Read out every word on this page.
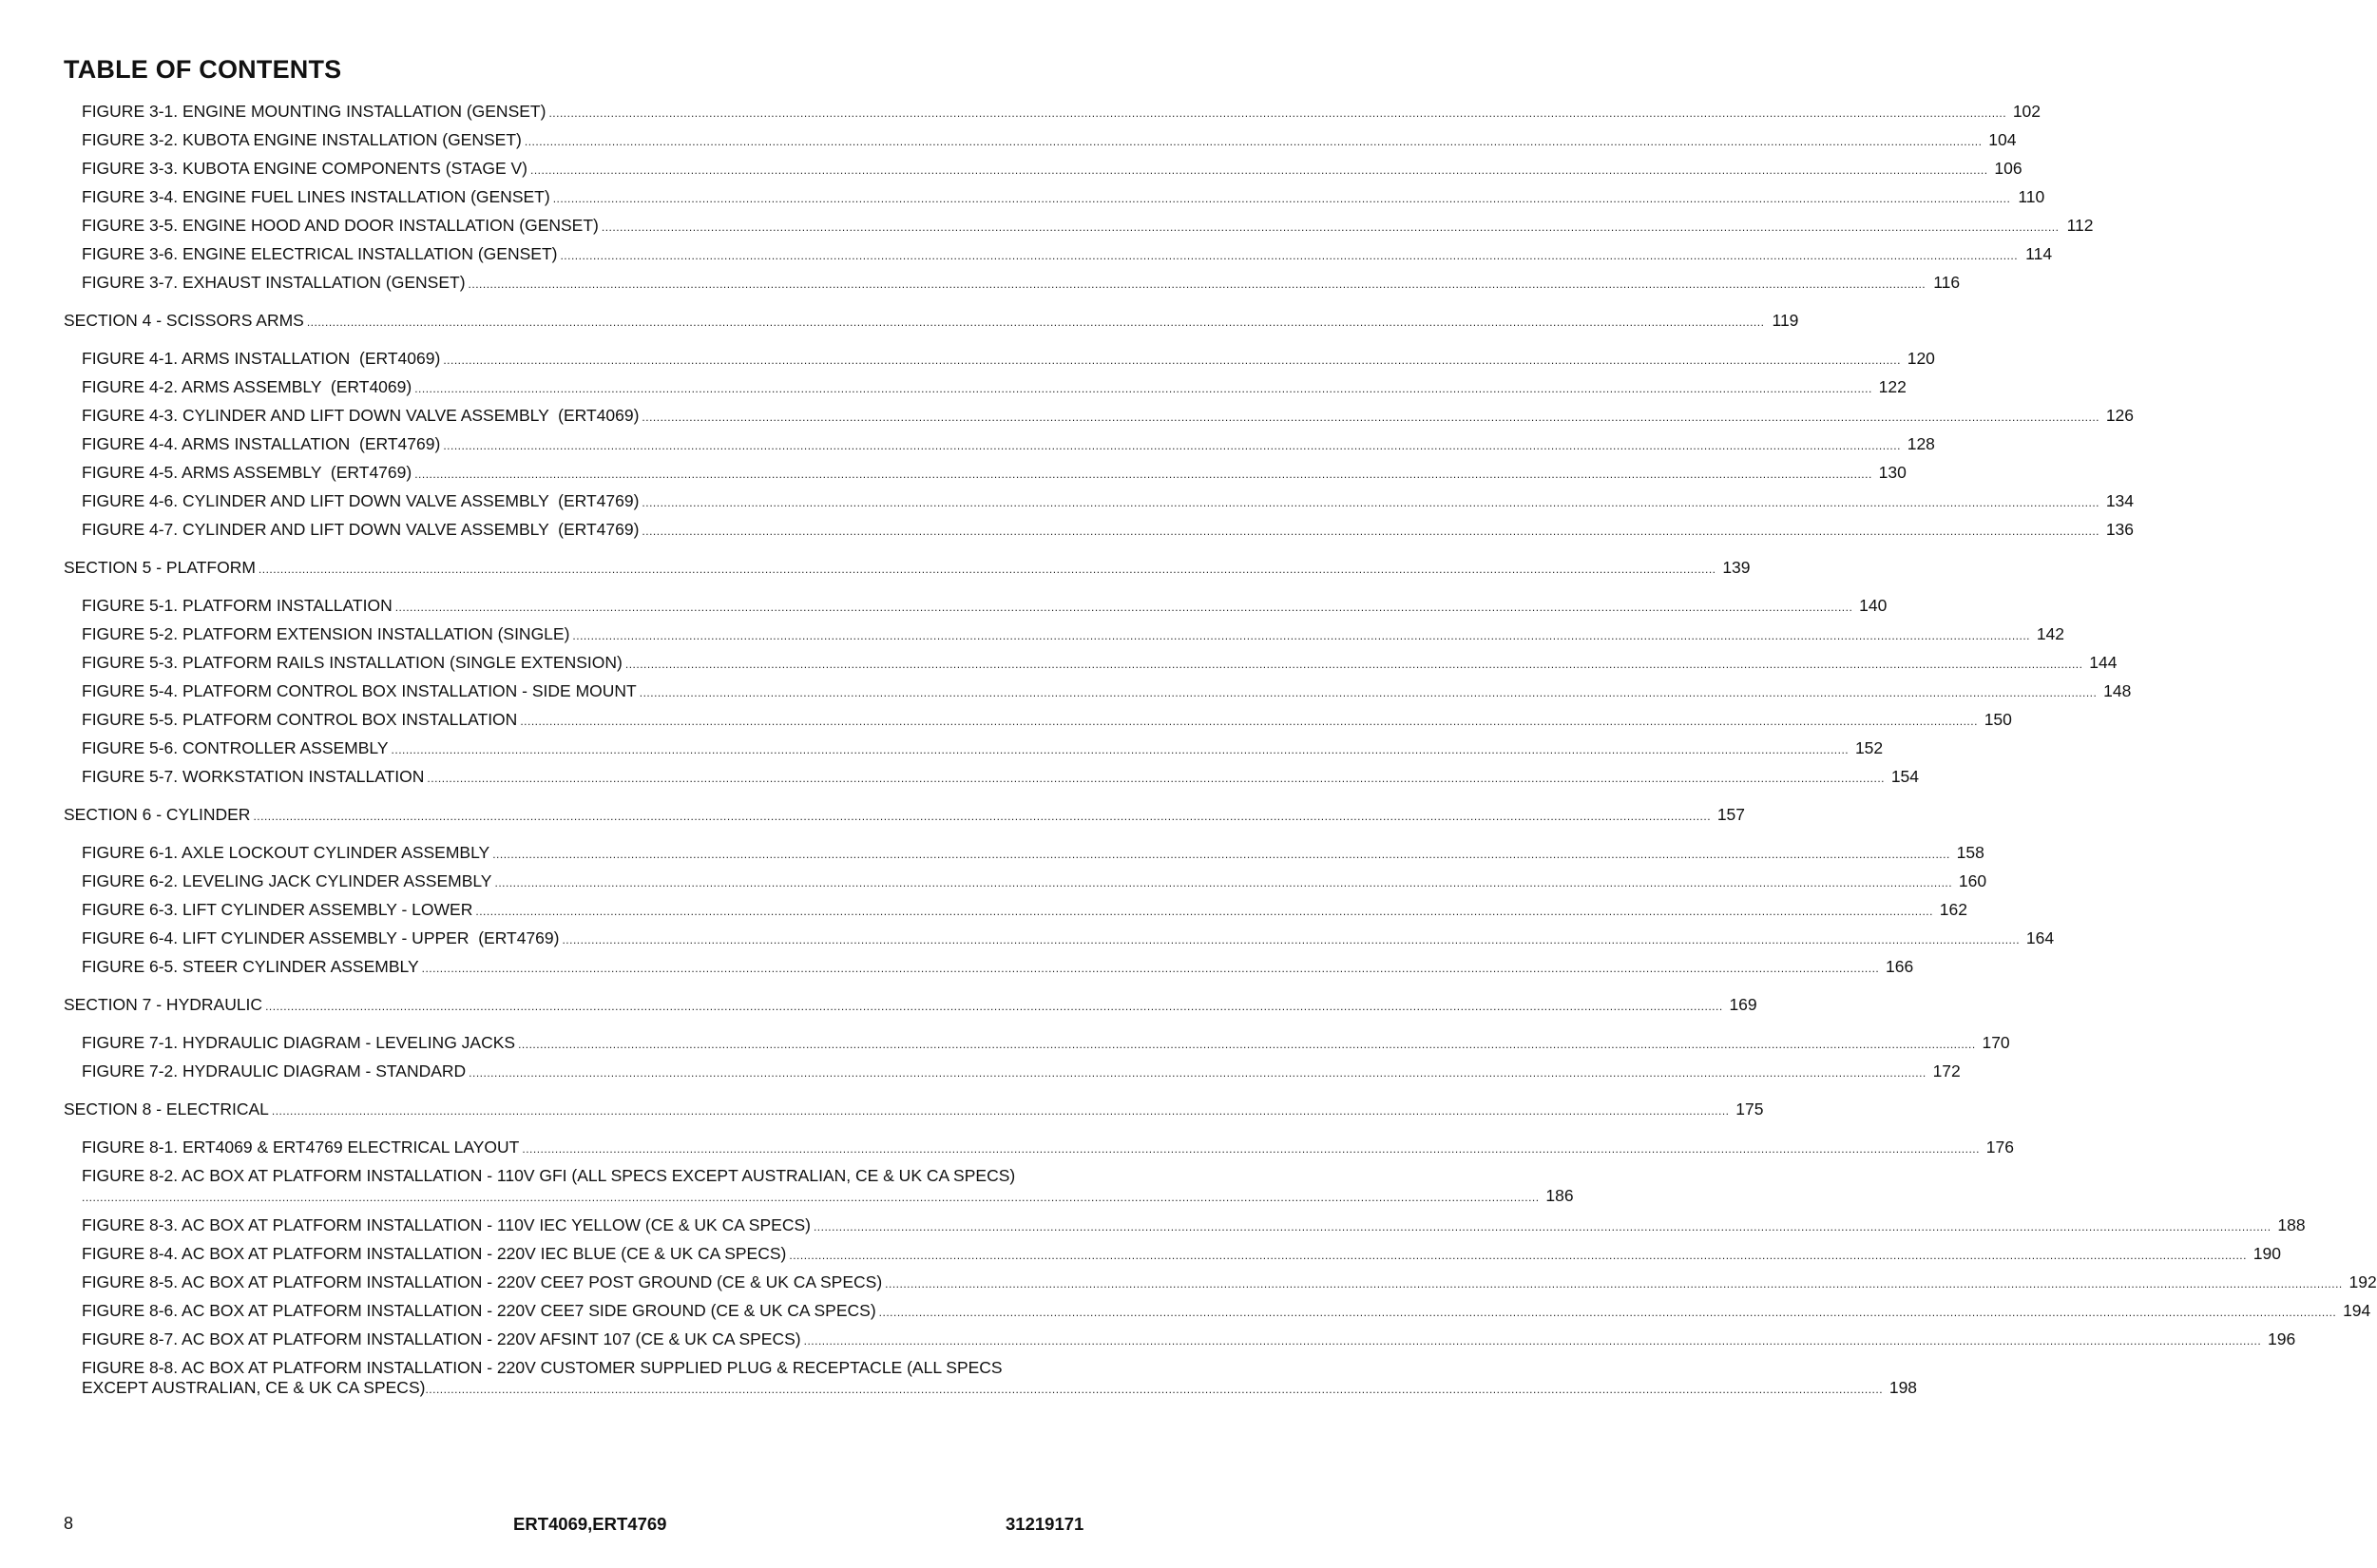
TABLE OF CONTENTS
FIGURE 3-1. ENGINE MOUNTING INSTALLATION (GENSET) ................................................................................................................................................................................................................................................................................................................................................................................................................ 102
FIGURE 3-2. KUBOTA ENGINE INSTALLATION (GENSET) ................................................................................................................................................................................................................................................................................................................................................................................................................ 104
FIGURE 3-3. KUBOTA ENGINE COMPONENTS (STAGE V) ................................................................................................................................................................................................................................................................................................................................................................................................................ 106
FIGURE 3-4. ENGINE FUEL LINES INSTALLATION (GENSET) ................................................................................................................................................................................................................................................................................................................................................................................................................ 110
FIGURE 3-5. ENGINE HOOD AND DOOR INSTALLATION (GENSET) ................................................................................................................................................................................................................................................................................................................................................................................................................ 112
FIGURE 3-6. ENGINE ELECTRICAL INSTALLATION (GENSET) ................................................................................................................................................................................................................................................................................................................................................................................................................ 114
FIGURE 3-7. EXHAUST INSTALLATION (GENSET) ................................................................................................................................................................................................................................................................................................................................................................................................................ 116
SECTION 4 - SCISSORS ARMS ................................................................................................................................................................................................................................................................................................................................................................................................................ 119
FIGURE 4-1. ARMS INSTALLATION  (ERT4069) ................................................................................................................................................................................................................................................................................................................................................................................................................ 120
FIGURE 4-2. ARMS ASSEMBLY  (ERT4069) ................................................................................................................................................................................................................................................................................................................................................................................................................ 122
FIGURE 4-3. CYLINDER AND LIFT DOWN VALVE ASSEMBLY  (ERT4069) ................................................................................................................................................................................................................................................................................................................................................................................................................ 126
FIGURE 4-4. ARMS INSTALLATION  (ERT4769) ................................................................................................................................................................................................................................................................................................................................................................................................................ 128
FIGURE 4-5. ARMS ASSEMBLY  (ERT4769) ................................................................................................................................................................................................................................................................................................................................................................................................................ 130
FIGURE 4-6. CYLINDER AND LIFT DOWN VALVE ASSEMBLY  (ERT4769) ................................................................................................................................................................................................................................................................................................................................................................................................................ 134
FIGURE 4-7. CYLINDER AND LIFT DOWN VALVE ASSEMBLY  (ERT4769) ................................................................................................................................................................................................................................................................................................................................................................................................................ 136
SECTION 5 - PLATFORM ................................................................................................................................................................................................................................................................................................................................................................................................................ 139
FIGURE 5-1. PLATFORM INSTALLATION ................................................................................................................................................................................................................................................................................................................................................................................................................ 140
FIGURE 5-2. PLATFORM EXTENSION INSTALLATION (SINGLE) ................................................................................................................................................................................................................................................................................................................................................................................................................ 142
FIGURE 5-3. PLATFORM RAILS INSTALLATION (SINGLE EXTENSION) ................................................................................................................................................................................................................................................................................................................................................................................................................ 144
FIGURE 5-4. PLATFORM CONTROL BOX INSTALLATION - SIDE MOUNT ................................................................................................................................................................................................................................................................................................................................................................................................................ 148
FIGURE 5-5. PLATFORM CONTROL BOX INSTALLATION ................................................................................................................................................................................................................................................................................................................................................................................................................ 150
FIGURE 5-6. CONTROLLER ASSEMBLY ................................................................................................................................................................................................................................................................................................................................................................................................................ 152
FIGURE 5-7. WORKSTATION INSTALLATION ................................................................................................................................................................................................................................................................................................................................................................................................................ 154
SECTION 6 - CYLINDER ................................................................................................................................................................................................................................................................................................................................................................................................................ 157
FIGURE 6-1. AXLE LOCKOUT CYLINDER ASSEMBLY ................................................................................................................................................................................................................................................................................................................................................................................................................ 158
FIGURE 6-2. LEVELING JACK CYLINDER ASSEMBLY ................................................................................................................................................................................................................................................................................................................................................................................................................ 160
FIGURE 6-3. LIFT CYLINDER ASSEMBLY - LOWER ................................................................................................................................................................................................................................................................................................................................................................................................................ 162
FIGURE 6-4. LIFT CYLINDER ASSEMBLY - UPPER  (ERT4769) ................................................................................................................................................................................................................................................................................................................................................................................................................ 164
FIGURE 6-5. STEER CYLINDER ASSEMBLY ................................................................................................................................................................................................................................................................................................................................................................................................................ 166
SECTION 7 - HYDRAULIC ................................................................................................................................................................................................................................................................................................................................................................................................................ 169
FIGURE 7-1. HYDRAULIC DIAGRAM - LEVELING JACKS ................................................................................................................................................................................................................................................................................................................................................................................................................ 170
FIGURE 7-2. HYDRAULIC DIAGRAM - STANDARD ................................................................................................................................................................................................................................................................................................................................................................................................................ 172
SECTION 8 - ELECTRICAL ................................................................................................................................................................................................................................................................................................................................................................................................................ 175
FIGURE 8-1. ERT4069 & ERT4769 ELECTRICAL LAYOUT ................................................................................................................................................................................................................................................................................................................................................................................................................ 176
FIGURE 8-2. AC BOX AT PLATFORM INSTALLATION - 110V GFI (ALL SPECS EXCEPT AUSTRALIAN, CE & UK CA SPECS)
................................................................................................................................................................................................................................................................................................................................................................................................................ 186
FIGURE 8-3. AC BOX AT PLATFORM INSTALLATION - 110V IEC YELLOW (CE & UK CA SPECS) ................................................................................................................................................................................................................................................................................................................................................................................................................ 188
FIGURE 8-4. AC BOX AT PLATFORM INSTALLATION - 220V IEC BLUE (CE & UK CA SPECS) ................................................................................................................................................................................................................................................................................................................................................................................................................ 190
FIGURE 8-5. AC BOX AT PLATFORM INSTALLATION - 220V CEE7 POST GROUND (CE & UK CA SPECS) ................................................................................................................................................................................................................................................................................................................................................................................................................ 192
FIGURE 8-6. AC BOX AT PLATFORM INSTALLATION - 220V CEE7 SIDE GROUND (CE & UK CA SPECS) ................................................................................................................................................................................................................................................................................................................................................................................................................ 194
FIGURE 8-7. AC BOX AT PLATFORM INSTALLATION - 220V AFSINT 107 (CE & UK CA SPECS) ................................................................................................................................................................................................................................................................................................................................................................................................................ 196
FIGURE 8-8. AC BOX AT PLATFORM INSTALLATION - 220V CUSTOMER SUPPLIED PLUG & RECEPTACLE (ALL SPECS
EXCEPT AUSTRALIAN, CE & UK CA SPECS) ................................................................................................................................................................................................................................................................................................................................................................................................................ 198
8	ERT4069,ERT4769	31219171
